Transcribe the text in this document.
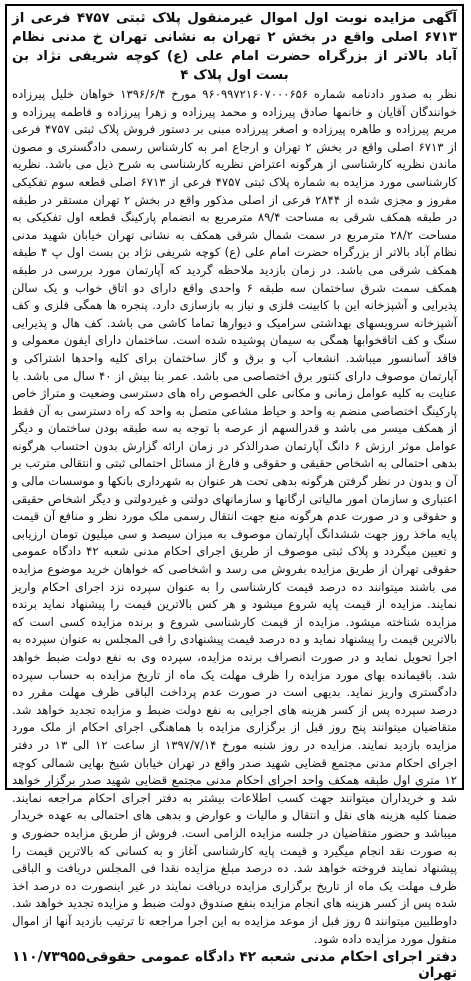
آگهی مزایده نوبت اول اموال غیرمنقول پلاک ثبتی ۴۷۵۷ فرعی از ۶۷۱۳ اصلی واقع در بخش ۲ تهران به نشانی تهران خ مدنی نظام آباد بالاتر از بزرگراه حضرت امام علی (ع) کوچه شریفی نژاد بن بست اول پلاک ۴
نظر به صدور دادنامه شماره ۹۶۰۹۹۷۲۱۶۰۷۰۰۰۶۵۶ مورخ ۱۳۹۶/۶/۴ خواهان خلیل پیرزاده خوانندگان آقایان و خانمها صادق پیرزاده و محمد پیرزاده و زهرا پیرزاده و فاطمه پیرزاده و مریم پیرزاده و طاهره پیرزاده و اصغر پیرزاده مبنی بر دستور فروش پلاک ثبتی ۴۷۵۷ فرعی از ۶۷۱۳ اصلی واقع در بخش ۲ تهران و ارجاع امر به کارشناس رسمی دادگستری و مصون ماندن نظریه کارشناسی از هرگونه اعتراض نظریه کارشناسی به شرح ذیل می باشد. نظریه کارشناسی مورد مزایده به شماره پلاک ثبتی ۴۷۵۷ فرعی از ۶۷۱۳ اصلی قطعه سوم تفکیکی مفروز و مجزی شده از ۲۸۴۴ فرعی از اصلی مذکور واقع در بخش ۲ تهران مستقر در طبقه در طبقه همکف شرقی به مساحت ۸۹/۴ مترمربع به انضمام پارکینگ قطعه اول تفکیکی به مساحت ۲۸/۲ مترمربع در سمت شمال شرقی همکف به نشانی تهران خیابان شهید مدنی نظام آباد بالاتر از بزرگراه حضرت امام علی (ع) کوچه شریفی نژاد بن بست اول پ ۴ طبقه همکف شرقی می باشد. در زمان بازدید ملاحظه گردید که آپارتمان مورد بررسی در طبقه همکف سمت شرق ساختمان سه طبقه ۶ واحدی واقع دارای دو اتاق خواب و یک سالن پذیرایی و آشپزخانه این با کابینت فلزی و نیاز به بازسازی دارد. پنجره ها همگی فلزی و کف آشپزخانه سرویسهای بهداشتی سرامیک و دیوارها تماما کاشی می باشد. کف هال و پذیرایی سنگ و کف اتاقخوابها همگی به سیمان پوشیده شده است. ساختمان دارای ایفون معمولی و فاقد آسانسور میباشد. انشعاب آب و برق و گاز ساختمان برای کلیه واحدها اشتراکی و آپارتمان موصوف دارای کنتور برق اختصاصی می باشد. عمر بنا بیش از ۴۰ سال می باشد. با عنایت به کلیه عوامل زمانی و مکانی علی الخصوص راه های دسترسی وضعیت و متراژ خاص پارکینگ اختصاصی منضم به واحد و حیاط مشاعی متصل به واحد که راه دسترسی به آن فقط از همکف میسر می باشد و قدرالسهم از عرصه با توجه به سه طبقه بودن ساختمان و دیگر عوامل موثر ارزش ۶ دانگ آپارتمان صدرالذکر در زمان ارائه گزارش بدون احتساب هرگونه بدهی احتمالی به اشخاص حقیقی و حقوقی و فارغ از مسائل احتمالی ثبتی و انتقالی مترتب بر آن و بدون در نظر گرفتن هرگونه بدهی تحت هر عنوان به شهرداری بانکها و موسسات مالی و اعتباری و سازمان امور مالیاتی ارگانها و سازمانهای دولتی و غیردولتی و دیگر اشخاص حقیقی و حقوقی و در صورت عدم هرگونه منع جهت انتقال رسمی ملک مورد نظر و منافع آن قیمت پایه ماخذ روز جهت ششدانگ آپارتمان موصوف به میزان سیصد و سی میلیون تومان ارزیابی و تعیین میگردد و پلاک ثبتی موصوف از طریق اجرای احکام مدنی شعبه ۴۲ دادگاه عمومی حقوقی تهران از طریق مزایده بفروش می رسد و اشخاصی که خواهان خرید موضوع مزایده می باشند میتوانند ده درصد قیمت کارشناسی را به عنوان سپرده نزد اجرای احکام واریز نمایند. مزایده از قیمت پایه شروع میشود و هر کس بالاترین قیمت را پیشنهاد نماید برنده مزایده شناخته میشود. مزایده از قیمت کارشناسی شروع و برنده مزایده کسی است که بالاترین قیمت را پیشنهاد نماید و ده درصد قیمت پیشنهادی را فی المجلس به عنوان سپرده به اجرا تحویل نماید و در صورت انصراف برنده مزایده، سپرده وی به نفع دولت ضبط خواهد شد. باقیمانده بهای مورد مزایده را ظرف مهلت یک ماه از تاریخ مزایده به حساب سپرده دادگستری واریز نماید. بدیهی است در صورت عدم پرداخت الباقی ظرف مهلت مقرر ده درصد سپرده پس از کسر هزینه های اجرایی به نفع دولت ضبط و مزایده تجدید خواهد شد. متقاضیان میتوانند پنج روز قبل از برگزاری مزایده با هماهنگی اجرای احکام از ملک مورد مزایده بازدید نمایند. مزایده در روز شنبه مورخ ۱۳۹۷/۷/۱۴ از ساعت ۱۲ الی ۱۳ در دفتر اجرای احکام مدنی مجتمع قضایی شهید صدر واقع در تهران خیابان شیخ بهایی شمالی کوچه ۱۲ متری اول طبقه همکف واحد اجرای احکام مدنی مجتمع قضایی شهید صدر برگزار خواهد شد و خریداران میتوانند جهت کسب اطلاعات بیشتر به دفتر اجرای احکام مراجعه نمایند. ضمنا کلیه هزینه های نقل و انتقال و مالیات و عوارض و بدهی های احتمالی به عهده خریدار میباشد و حضور متقاضیان در جلسه مزایده الزامی است. فروش از طریق مزایده حضوری و به صورت نقد انجام میگیرد و قیمت پایه کارشناسی آغاز و به کسانی که بالاترین قیمت را پیشنهاد نمایند فروخته خواهد شد. ده درصد مبلغ مزایده نقدا فی المجلس دریافت و الباقی ظرف مهلت یک ماه از تاریخ برگزاری مزایده دریافت نمایند در غیر اینصورت ده درصد اخذ شده پس از کسر هزینه های انجام مزایده بنفع صندوق دولت ضبط و مزایده تجدید خواهد شد. داوطلبین میتوانند ۵ روز قبل از موعد مزایده به این اجرا مراجعه تا ترتیب بازدید آنها از اموال منقول مورد مزایده داده شود.
دفتر اجرای احکام مدنی شعبه ۴۲ دادگاه عمومی حقوقی تهران
۱۱۰/۷۳۹۵۵
